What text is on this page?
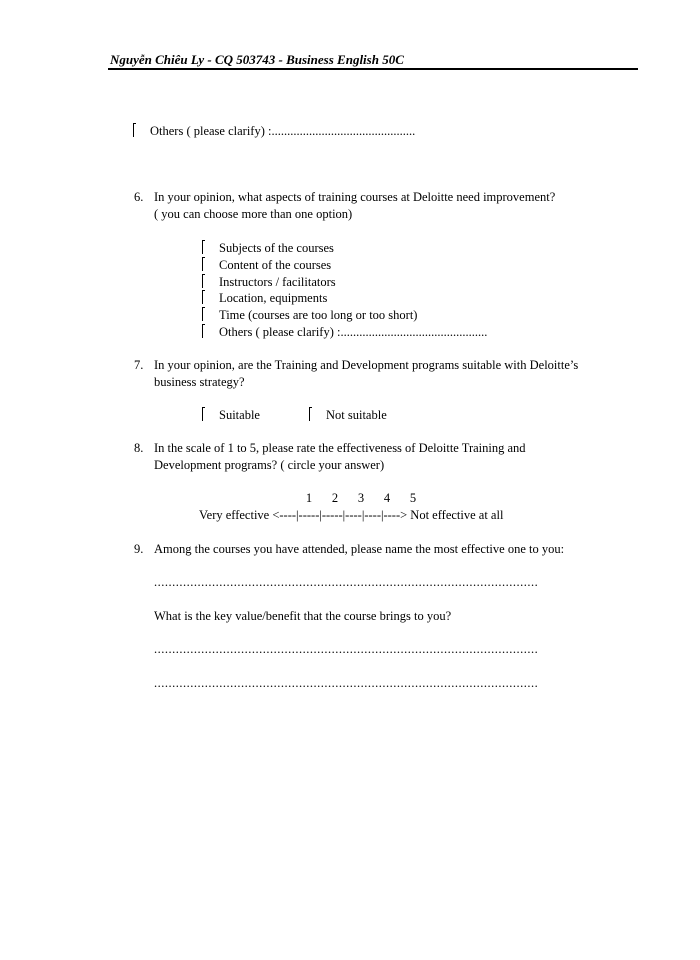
Nguyễn Chiêu Ly - CQ 503743 - Business English 50C
Others ( please clarify) :..............................................
6. In your opinion, what aspects of training courses at Deloitte need improvement?
( you can choose more than one option)
Subjects of the courses
Content of the courses
Instructors / facilitators
Location, equipments
Time (courses are too long or too short)
Others ( please clarify) :...............................................
7. In your opinion, are the Training and Development programs suitable with Deloitte’s
business strategy?
Suitable	Not suitable
8. In the scale of 1 to 5, please rate the effectiveness of Deloitte Training and
Development programs? ( circle your answer)
1 2 3 4 5
Very effective <----|-----|-----|----|----|----> Not effective at all
9. Among the courses you have attended, please name the most effective one to you:
..........................................................................................................
What is the key value/benefit that the course brings to you?
..........................................................................................................
..........................................................................................................
